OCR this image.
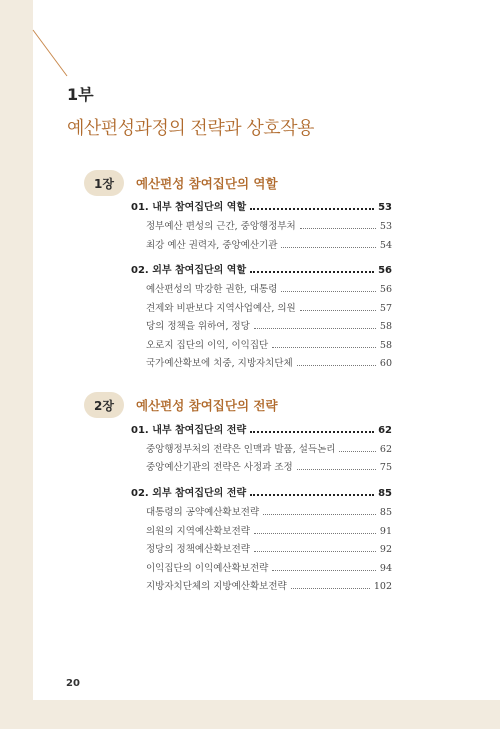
1부
예산편성과정의 전략과 상호작용
1장	예산편성 참여집단의 역할
01. 내부 참여집단의 역할	53
정부예산 편성의 근간, 중앙행정부처	53
최강 예산 권력자, 중앙예산기관	54
02. 외부 참여집단의 역할	56
예산편성의 막강한 권한, 대통령	56
견제와 비판보다 지역사업예산, 의원	57
당의 정책을 위하여, 정당	58
오로지 집단의 이익, 이익집단	58
국가예산확보에 치중, 지방자치단체	60
2장	예산편성 참여집단의 전략
01. 내부 참여집단의 전략	62
중앙행정부처의 전략은 인맥과 발품, 설득논리	62
중앙예산기관의 전략은 사정과 조정	75
02. 외부 참여집단의 전략	85
대통령의 공약예산확보전략	85
의원의 지역예산확보전략	91
정당의 정책예산확보전략	92
이익집단의 이익예산확보전략	94
지방자치단체의 지방예산확보전략	102
20
